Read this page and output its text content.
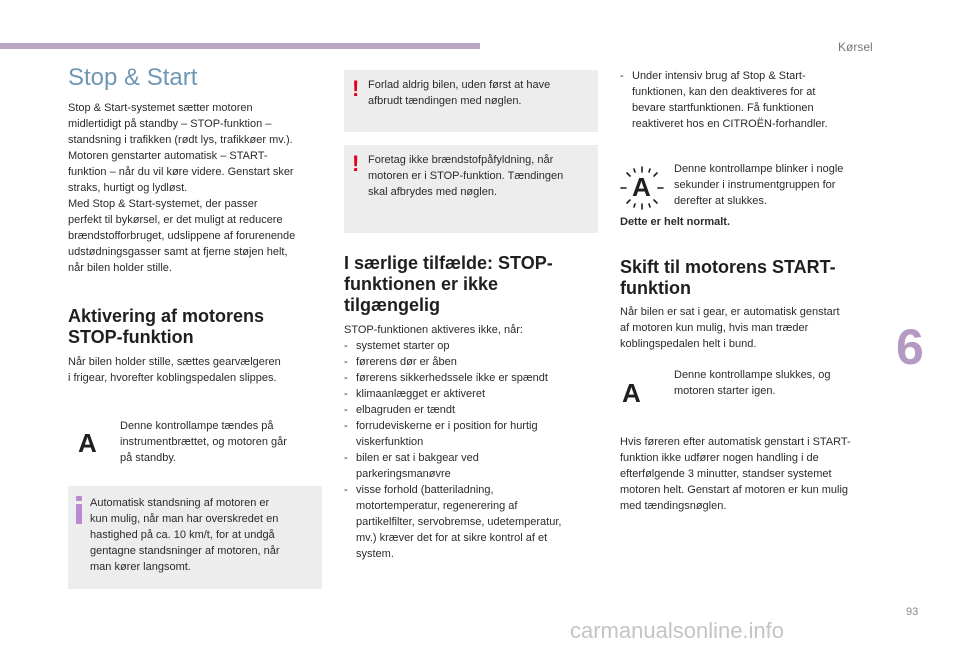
Kørsel
Stop & Start

Stop & Start-systemet sætter motoren

midlertidigt på standby – STOP-funktion –

standsning i trafikken (rødt lys, trafikkøer mv.).

Motoren genstarter automatisk – START-

funktion – når du vil køre videre. Genstart sker

straks, hurtigt og lydløst.

Med Stop & Start-systemet, der passer

perfekt til bykørsel, er det muligt at reducere

brændstofforbruget, udslippene af forurenende

udstødningsgasser samt at fjerne støjen helt,

når bilen holder stille.

Aktivering af motorens

STOP-funktion

Når bilen holder stille, sættes gearvælgeren

i frigear, hvorefter koblingspedalen slippes.

A

Denne kontrollampe tændes på

instrumentbrættet, og motoren går

på standby.

Automatisk standsning af motoren er

kun mulig, når man har overskredet en

hastighed på ca. 10 km/t, for at undgå

gentagne standsninger af motoren, når

man kører langsomt.

! Forlad aldrig bilen, uden først at have

afbrudt tændingen med nøglen.

! Foretag ikke brændstofpåfyldning, når

motoren er i STOP-funktion. Tændingen

skal afbrydes med nøglen.

I særlige tilfælde: STOP-

funktionen er ikke

tilgængelig

STOP-funktionen aktiveres ikke, når:

- systemet starter op
- førerens dør er åben
- førerens sikkerhedssele ikke er spændt
- klimaanlægget er aktiveret
- elbagruden er tændt
- forrudeviskerne er i position for hurtig
viskerfunktion
- bilen er sat i bakgear ved
parkeringsmanøvre
- visse forhold (batteriladning,
motortemperatur, regenerering af
partikelfilter, servobremse, udetemperatur,
mv.) kræver det for at sikre kontrol af et
system.
- Under intensiv brug af Stop & Start-
funktionen, kan den deaktiveres for at
bevare startfunktionen. Få funktionen
reaktiveret hos en CITROËN-forhandler.
A

Denne kontrollampe blinker i nogle

sekunder i instrumentgruppen for

derefter at slukkes.

Dette er helt normalt.

Skift til motorens START-

funktion

Når bilen er sat i gear, er automatisk genstart

af motoren kun mulig, hvis man træder

koblingspedalen helt i bund.

A

Denne kontrollampe slukkes, og

motoren starter igen.

Hvis føreren efter automatisk genstart i START-

funktion ikke udfører nogen handling i de

efterfølgende 3 minutter, standser systemet

motoren helt. Genstart af motoren er kun mulig

med tændingsnøglen.

6
93
carmanualsonline.info
